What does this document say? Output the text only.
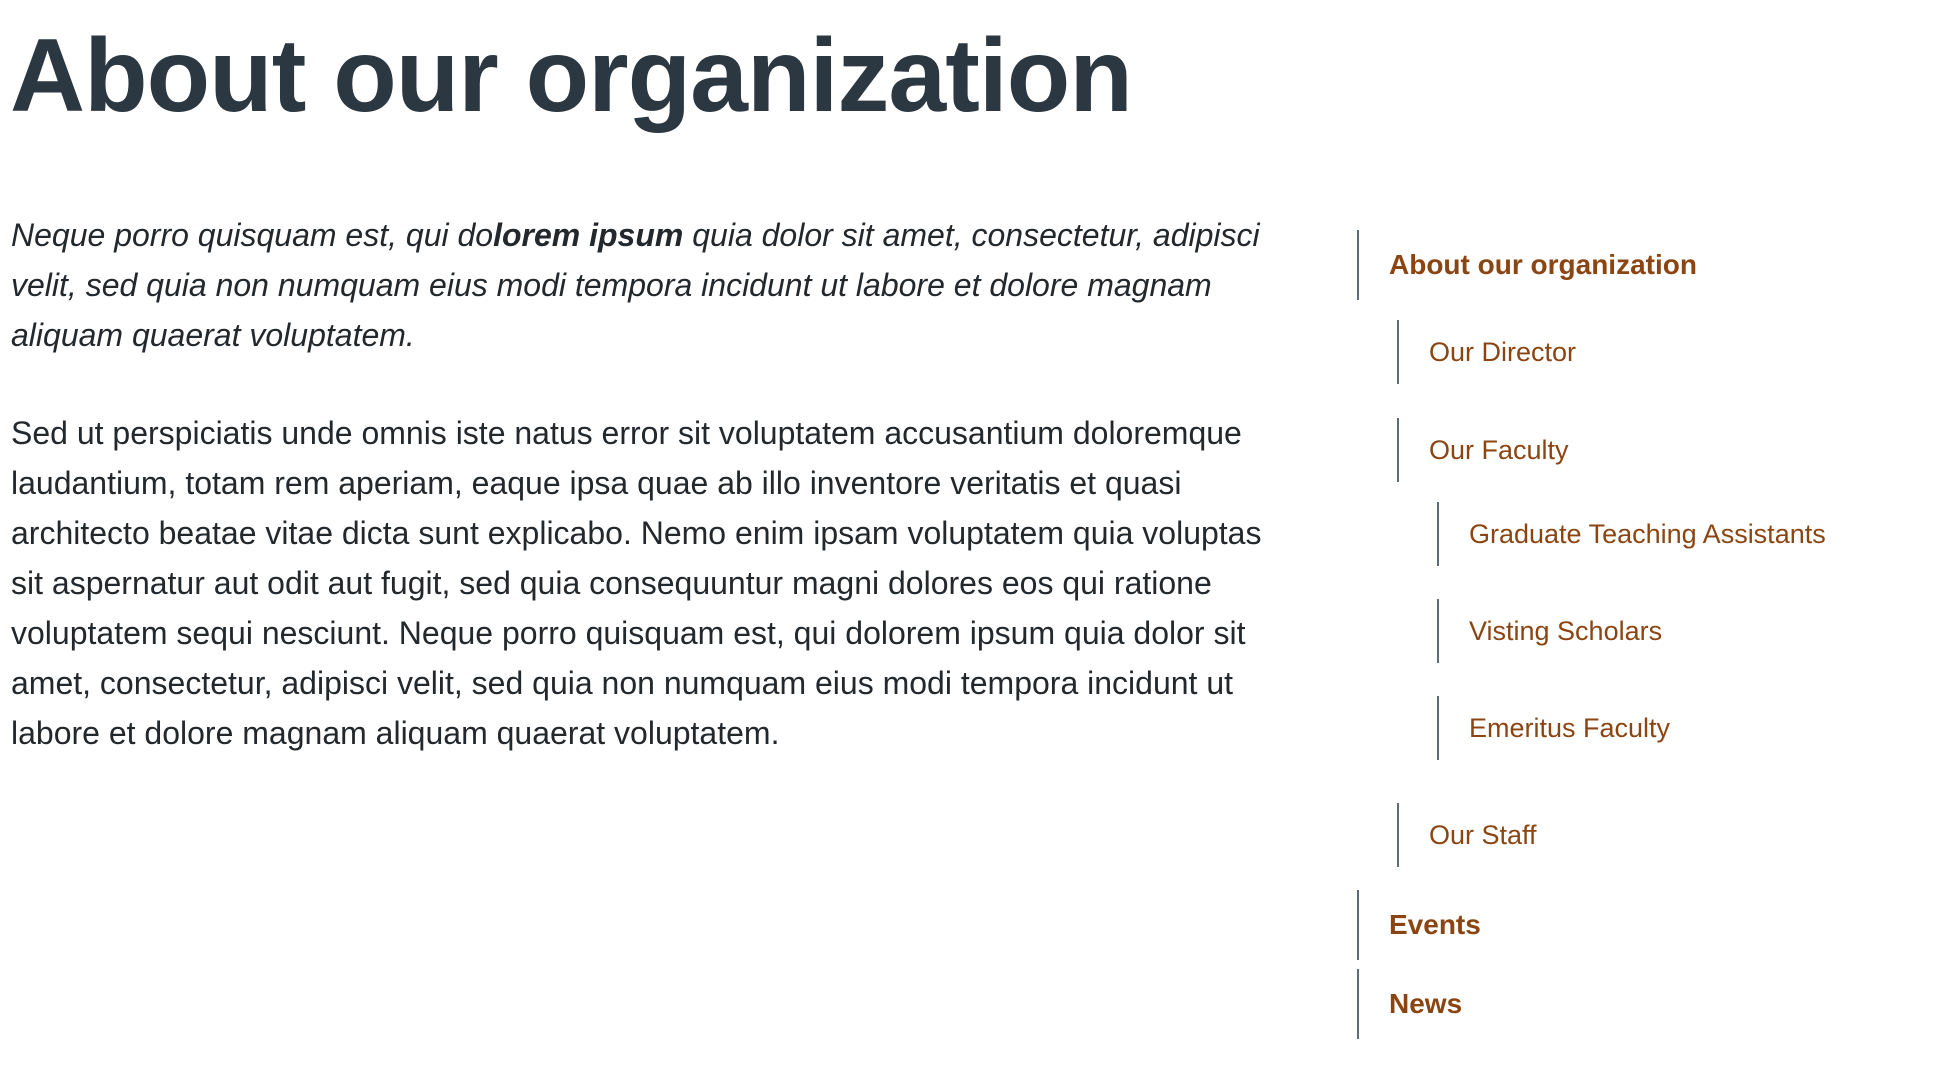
About our organization

Neque porro quisquam est, qui dolorem ipsum quia dolor sit amet, consectetur, adipisci velit, sed quia non numquam eius modi tempora incidunt ut labore et dolore magnam aliquam quaerat voluptatem.

Sed ut perspiciatis unde omnis iste natus error sit voluptatem accusantium doloremque laudantium, totam rem aperiam, eaque ipsa quae ab illo inventore veritatis et quasi architecto beatae vitae dicta sunt explicabo. Nemo enim ipsam voluptatem quia voluptas sit aspernatur aut odit aut fugit, sed quia consequuntur magni dolores eos qui ratione voluptatem sequi nesciunt. Neque porro quisquam est, qui dolorem ipsum quia dolor sit amet, consectetur, adipisci velit, sed quia non numquam eius modi tempora incidunt ut labore et dolore magnam aliquam quaerat voluptatem.

About our organization
Our Director
Our Faculty
Graduate Teaching Assistants
Visting Scholars
Emeritus Faculty
Our Staff
Events
News
